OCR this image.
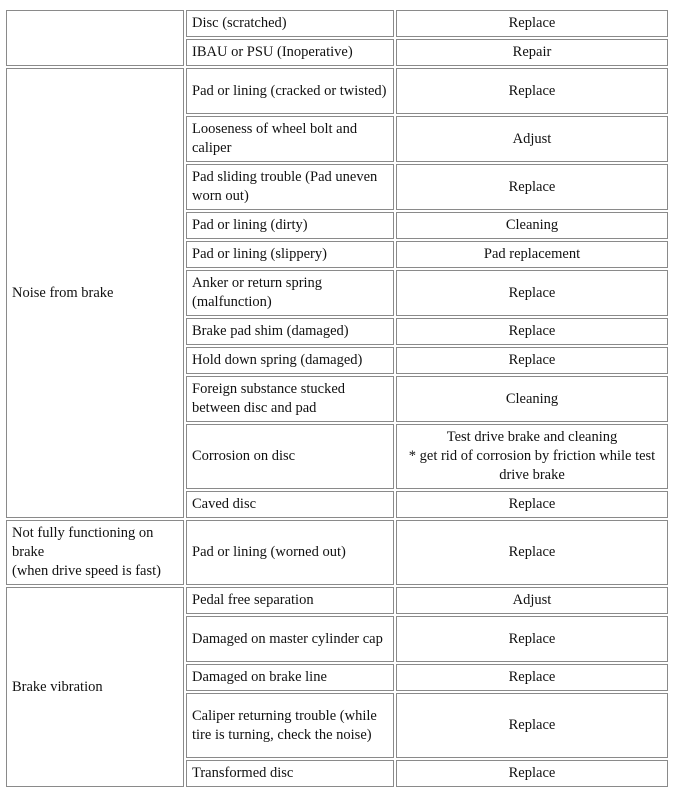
	Disc (scratched)	Replace
	IBAU or PSU (Inoperative)	Repair
Noise from brake	Pad or lining (cracked or twisted)	Replace
	Looseness of wheel bolt and caliper	Adjust
	Pad sliding trouble (Pad uneven worn out)	Replace
	Pad or lining (dirty)	Cleaning
	Pad or lining (slippery)	Pad replacement
	Anker or return spring (malfunction)	Replace
	Brake pad shim (damaged)	Replace
	Hold down spring (damaged)	Replace
	Foreign substance stucked between disc and pad	Cleaning
	Corrosion on disc	Test drive brake and cleaning
* get rid of corrosion by friction while test drive brake
	Caved disc	Replace
Not fully functioning on brake
(when drive speed is fast)	Pad or lining (worned out)	Replace
Brake vibration	Pedal free separation	Adjust
	Damaged on master cylinder cap	Replace
	Damaged on brake line	Replace
	Caliper returning trouble (while tire is turning, check the noise)	Replace
	Transformed disc	Replace
